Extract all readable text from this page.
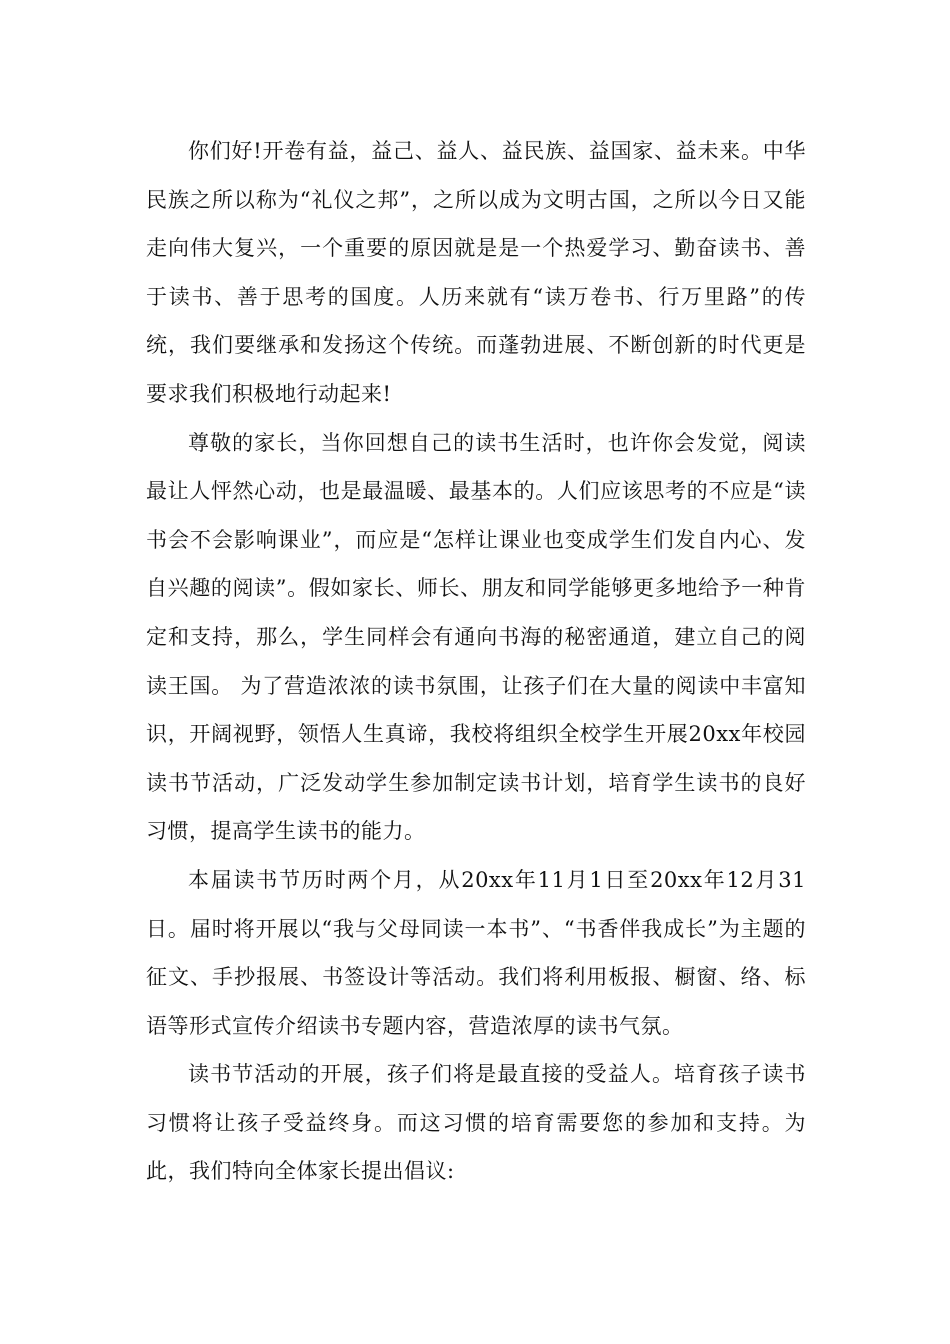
你们好!开卷有益，益己、益人、益民族、益国家、益未来。中华民族之所以称为“礼仪之邦”，之所以成为文明古国，之所以今日又能走向伟大复兴，一个重要的原因就是是一个热爱学习、勤奋读书、善于读书、善于思考的国度。人历来就有“读万卷书、行万里路”的传统，我们要继承和发扬这个传统。而蓬勃进展、不断创新的时代更是要求我们积极地行动起来!

尊敬的家长，当你回想自己的读书生活时，也许你会发觉，阅读最让人怦然心动，也是最温暖、最基本的。人们应该思考的不应是“读书会不会影响课业”，而应是“怎样让课业也变成学生们发自内心、发自兴趣的阅读”。假如家长、师长、朋友和同学能够更多地给予一种肯定和支持，那么，学生同样会有通向书海的秘密通道，建立自己的阅读王国。 为了营造浓浓的读书氛围，让孩子们在大量的阅读中丰富知识，开阔视野，领悟人生真谛，我校将组织全校学生开展20xx年校园读书节活动，广泛发动学生参加制定读书计划，培育学生读书的良好习惯，提高学生读书的能力。

本届读书节历时两个月，从20xx年11月1日至20xx年12月31日。届时将开展以“我与父母同读一本书”、“书香伴我成长”为主题的征文、手抄报展、书签设计等活动。我们将利用板报、橱窗、络、标语等形式宣传介绍读书专题内容，营造浓厚的读书气氛。

读书节活动的开展，孩子们将是最直接的受益人。培育孩子读书习惯将让孩子受益终身。而这习惯的培育需要您的参加和支持。为此，我们特向全体家长提出倡议:
